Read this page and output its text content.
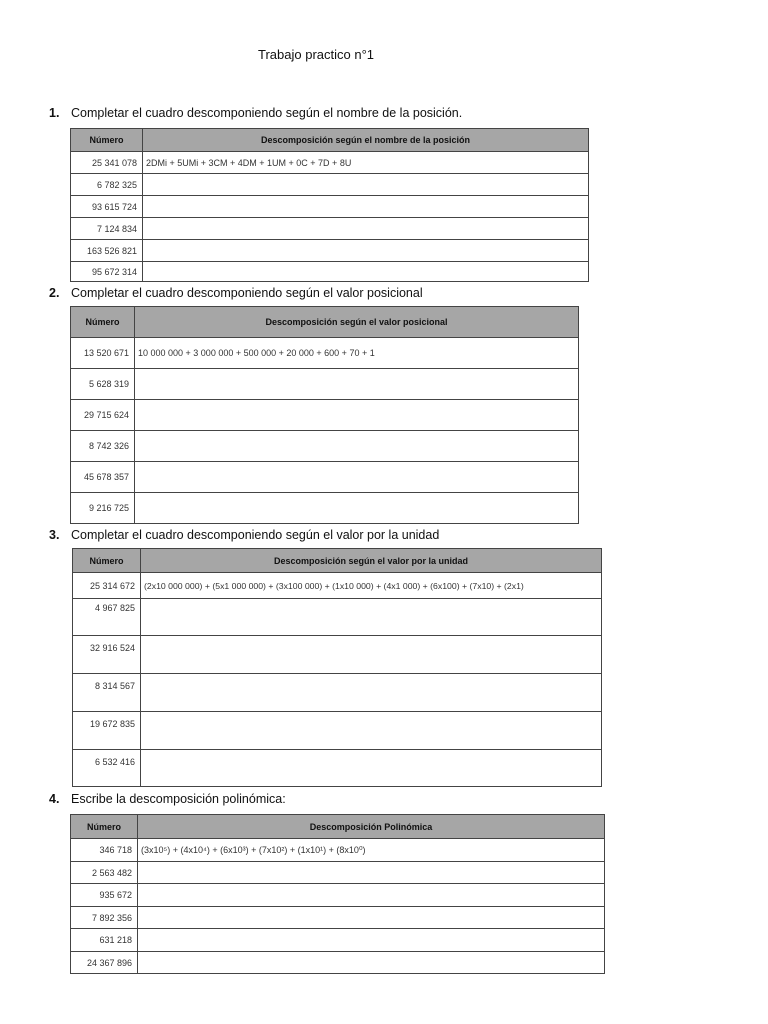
Trabajo practico n°1
1. Completar el cuadro descomponiendo según el nombre de la posición.
Número	Descomposición según el nombre de la posición
25 341 078	2DMi + 5UMi + 3CM + 4DM + 1UM + 0C + 7D + 8U
6 782 325	
93 615 724	
7 124 834	
163 526 821	
95 672 314	
2. Completar el cuadro descomponiendo según el valor posicional
Número	Descomposición según el valor posicional
13 520 671	10 000 000 + 3 000 000 + 500 000 + 20 000 + 600 + 70 + 1
5 628 319	
29 715 624	
8 742 326	
45 678 357	
9 216 725	
3. Completar el cuadro descomponiendo según el valor por la unidad
Número	Descomposición según el valor por la unidad
25 314 672	(2x10 000 000) + (5x1 000 000) + (3x100 000) + (1x10 000) + (4x1 000) + (6x100) + (7x10) + (2x1)
4 967 825	
32 916 524	
8 314 567	
19 672 835	
6 532 416	
4. Escribe la descomposición polinómica:
Número	Descomposición Polinómica
346 718	(3x10⁵) + (4x10⁴) + (6x10³) + (7x10²) + (1x10¹) + (8x10⁰)
2 563 482	
935 672	
7 892 356	
631 218	
24 367 896	
